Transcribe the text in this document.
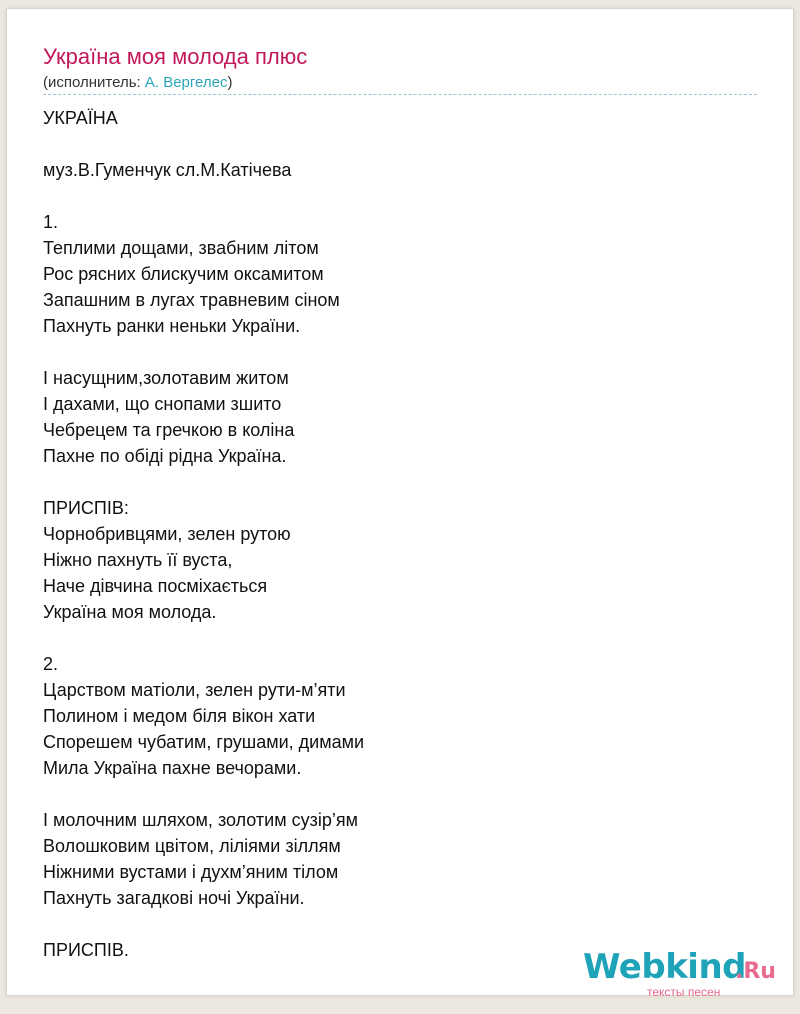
Україна моя молода плюс
(исполнитель: А. Вергелес)
УКРАЇНА
муз.В.Гуменчук сл.М.Катічева
1.
Теплими дощами, звабним літом
Рос рясних блискучим оксамитом
Запашним в лугах травневим сіном
Пахнуть ранки неньки України.
І насущним,золотавим житом
І дахами, що снопами зшито
Чебрецем та гречкою в коліна
Пахне по обіді рідна Україна.
ПРИСПІВ:
Чорнобривцями, зелен рутою
Ніжно пахнуть її вуста,
Наче дівчина посміхається
Україна моя молода.
2.
Царством матіоли, зелен рути-м’яти
Полином і медом біля вікон хати
Спорешем чубатим, грушами, димами
Мила Україна пахне вечорами.
І молочним шляхом, золотим сузір’ям
Волошковим цвітом, ліліями зіллям
Ніжними вустами і духм’яним тілом
Пахнуть загадкові ночі України.
ПРИСПІВ.	Webkind
.Ru
тексты песен
